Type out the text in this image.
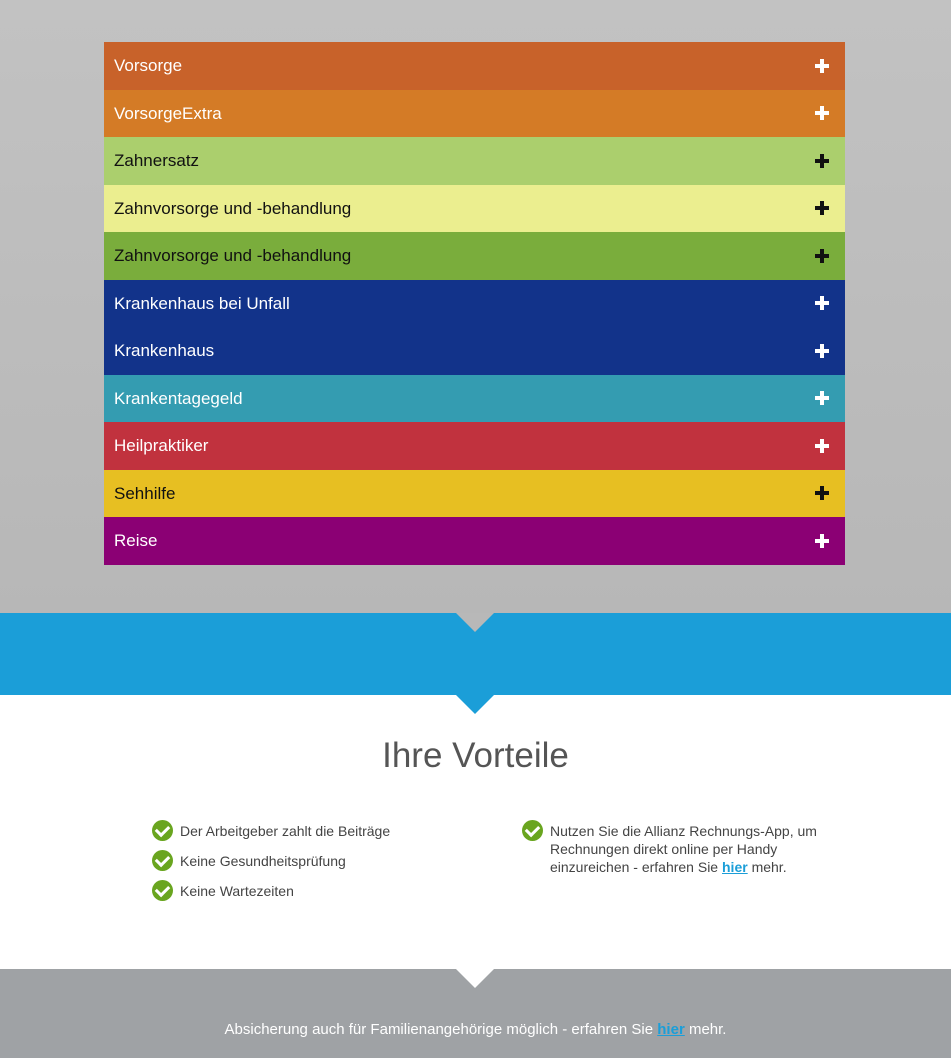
Vorsorge
VorsorgeExtra
Zahnersatz
Zahnvorsorge und -behandlung
Zahnvorsorge und -behandlung
Krankenhaus bei Unfall
Krankenhaus
Krankentagegeld
Heilpraktiker
Sehhilfe
Reise
Ihre Vorteile
Der Arbeitgeber zahlt die Beiträge
Keine Gesundheitsprüfung
Keine Wartezeiten
Nutzen Sie die Allianz Rechnungs-App, um Rechnungen direkt online per Handy einzureichen - erfahren Sie hier mehr.
Absicherung auch für Familienangehörige möglich - erfahren Sie hier mehr.
